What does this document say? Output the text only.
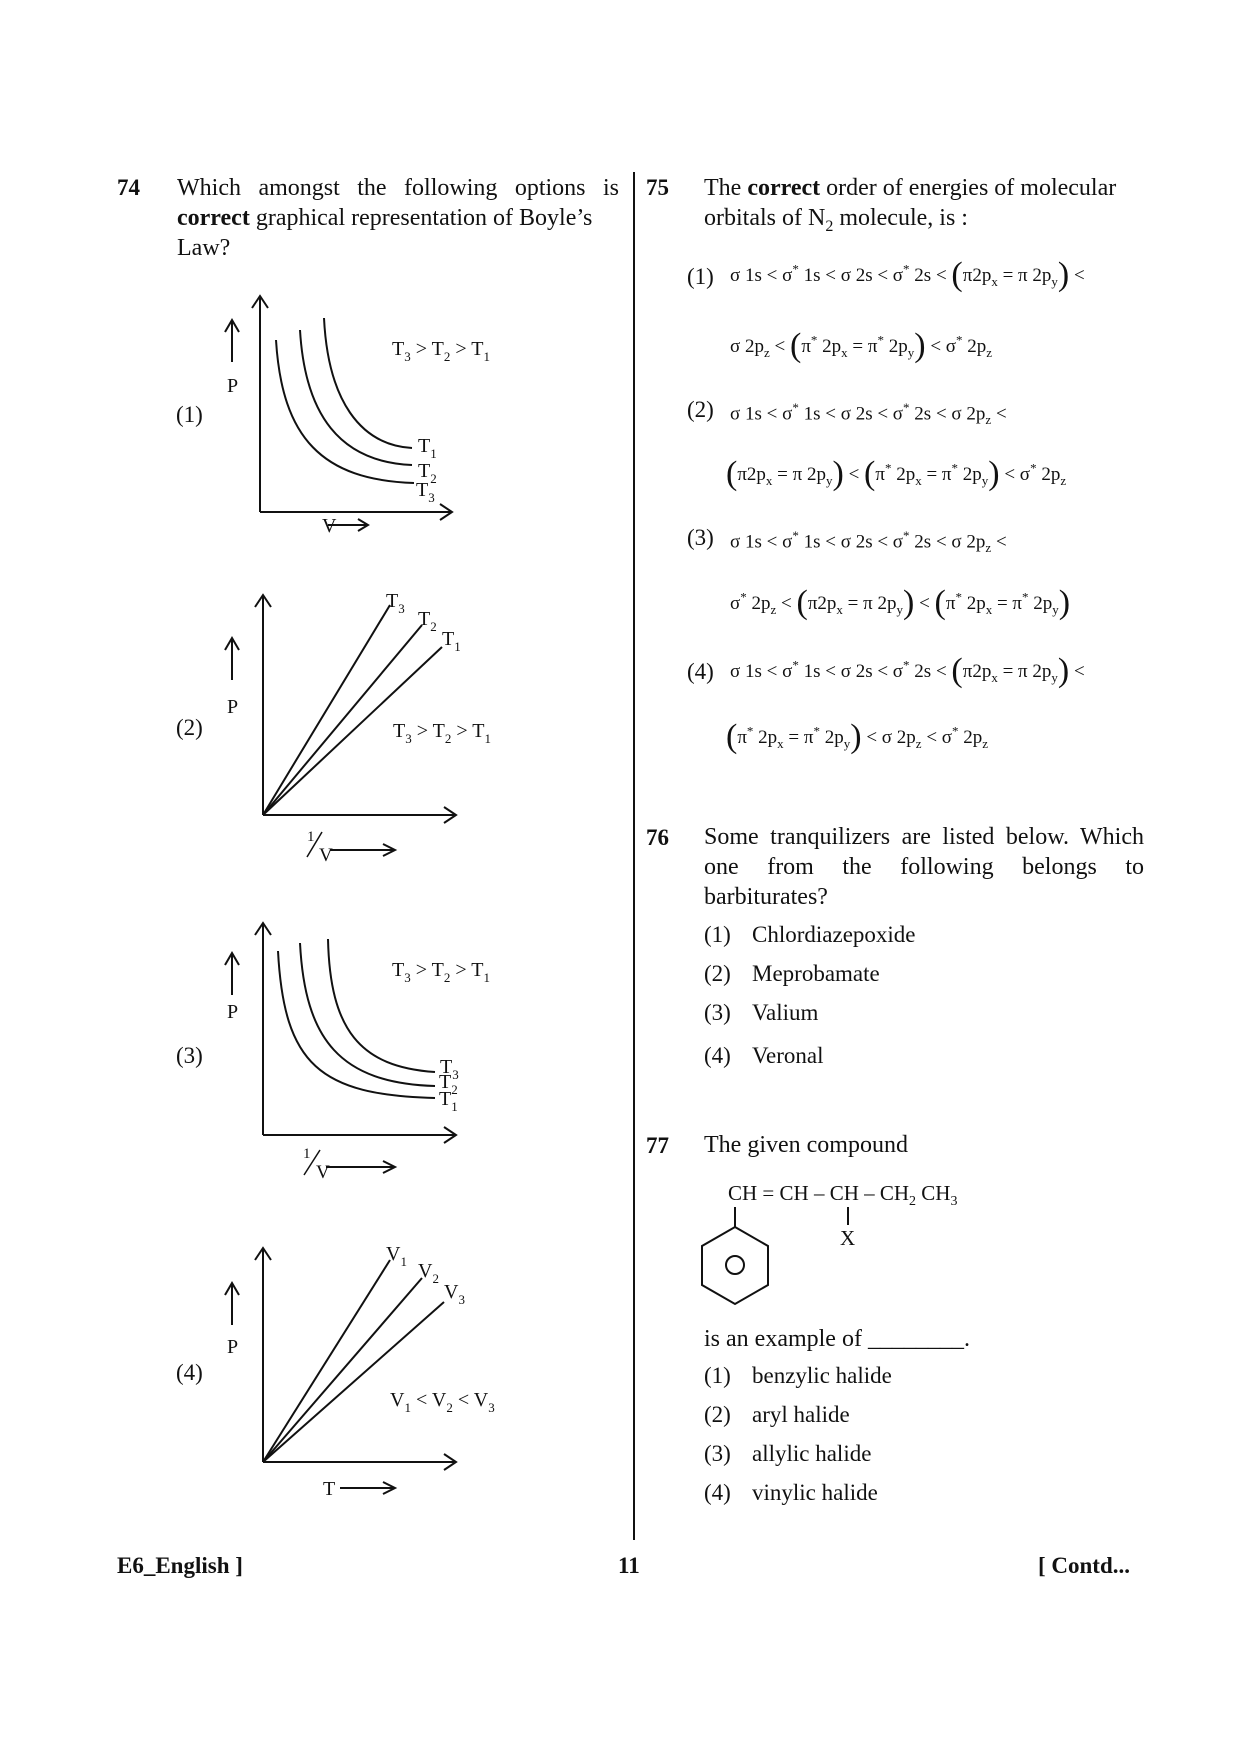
74 Which amongst the following options is
correct graphical representation of Boyle’s
Law?
(1)
P
V
$T_1$
$T_2$
$T_3$
$T_3 > T_2 > T_1$
(2)
P
1
V
$T_3$ $T_2$
$T_1$
$T_3 > T_2 > T_1$
(3)
P
1
V
$T_3$
$T_2$
$T_1$
$T_3 > T_2 > T_1$
(4)
P
T
$V_1$ $V_2$
$V_3$
$V_1 < V_2 < V_3$
75 The correct order of energies of molecular
orbitals of $N_2$ molecule, is :
(1) σ 1s < σ* 1s < σ 2s < σ* $2s < (\pi 2p_x = \pi$ $2p_y$) <
σ $2p_z < (\pi^*$ $2p_x = \pi^*$ $2p_y) < \sigma^*$ $2p_z$
(2) σ 1s < σ* 1s < σ 2s < σ* 2s < σ $2p_z$ <
($\pi 2p_x = \pi$ $2p_y) < (\pi^*$ $2p_x = \pi^*$ $2p_y) < \sigma^*$ $2p_z$
(3) σ 1s < σ* 1s < σ 2s < σ* 2s < σ $2p_z$ <
σ* $2p_z < (\pi 2p_x = \pi$ $2p_y) < (\pi^*$ $2p_x = \pi^*$ $2p_y$)
(4) σ 1s < σ* 1s < σ 2s < σ* $2s < (\pi 2p_x = \pi$ $2p_y$) <
(π* $2p_x = \pi^*$ $2p_y) < \sigma$ $2p_z < \sigma^*$ $2p_z$
76 Some tranquilizers are listed below. Which
one from the following belongs to
barbiturates?
(1) Chlordiazepoxide
(2) Meprobamate
(3) Valium
(4) Veronal
77 The given compound
CH = CH – CH – $CH_2$ $CH_3$
X
is an example of ________.
(1) benzylic halide
(2) aryl halide
(3) allylic halide
(4) vinylic halide
E6_English ]	11	[ Contd...
